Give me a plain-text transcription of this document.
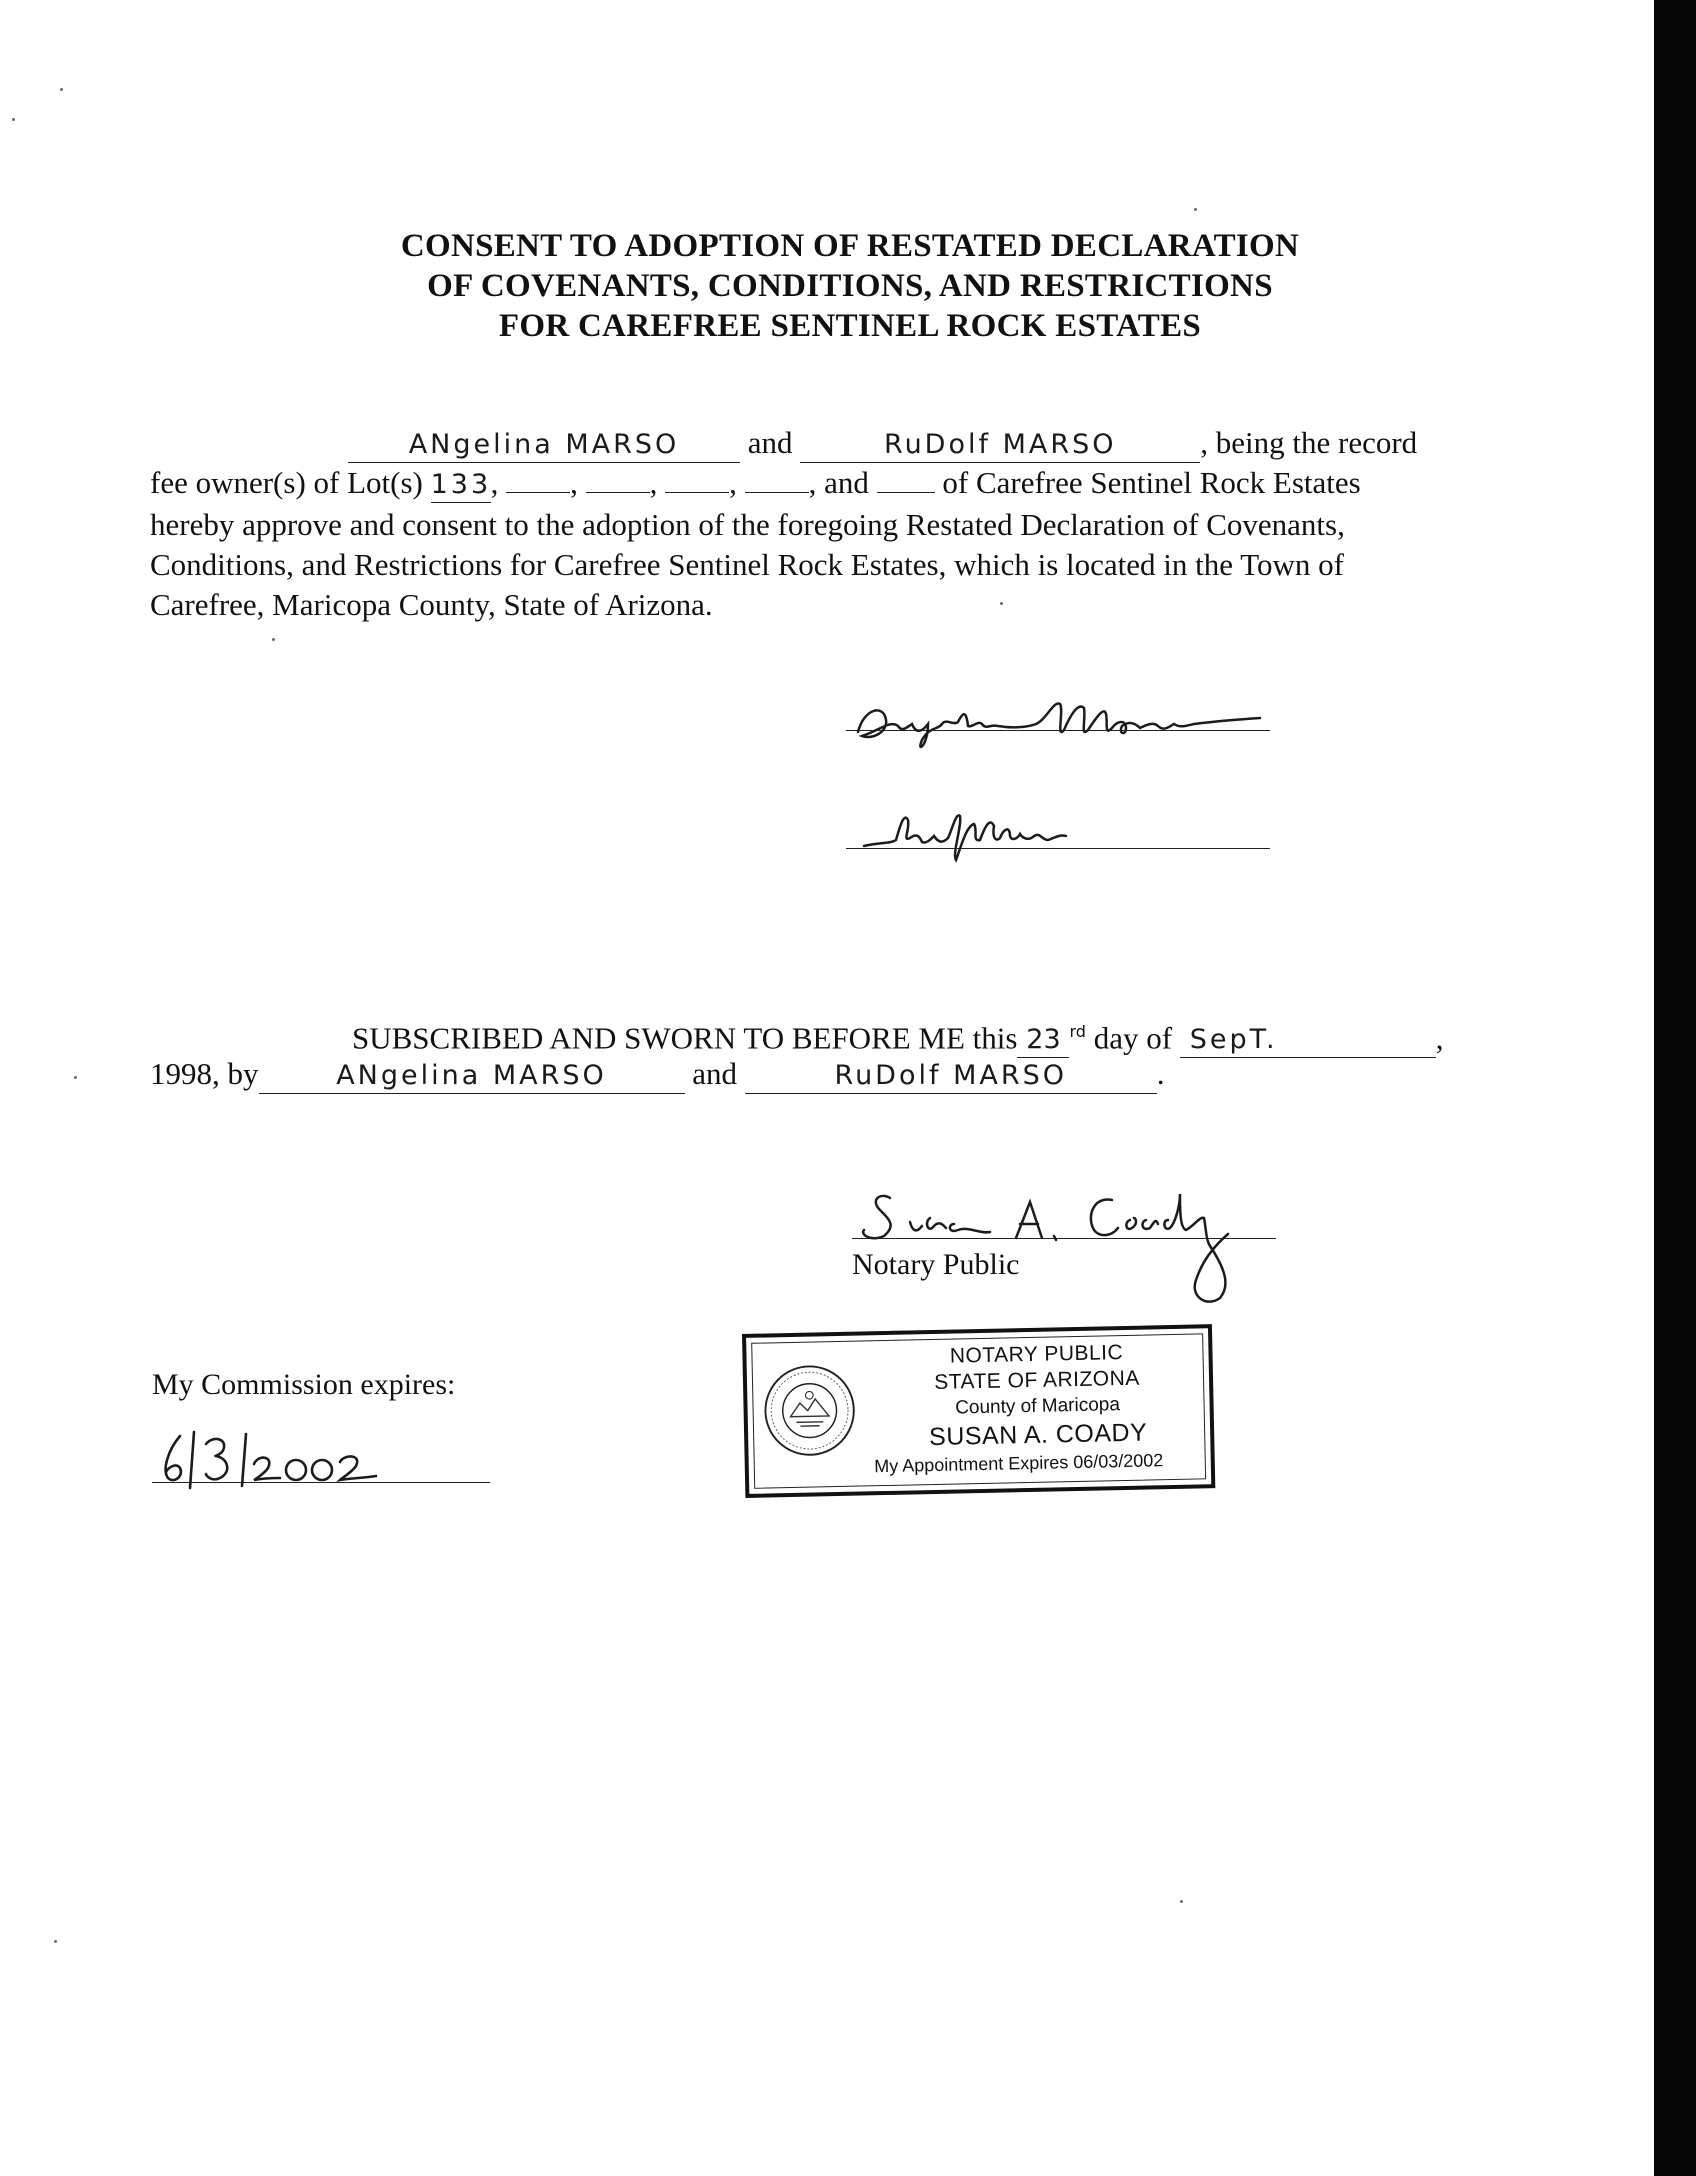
CONSENT TO ADOPTION OF RESTATED DECLARATION
OF COVENANTS, CONDITIONS, AND RESTRICTIONS
FOR CAREFREE SENTINEL ROCK ESTATES
ANgelina MARSO and	RuDolf MARSO	, being the record
fee owner(s) of Lot(s) 133, , , , , and of Carefree Sentinel Rock Estates
hereby approve and consent to the adoption of the foregoing Restated Declaration of Covenants,
Conditions, and Restrictions for Carefree Sentinel Rock Estates, which is located in the Town of
Carefree, Maricopa County, State of Arizona.
SUBSCRIBED AND SWORN TO BEFORE ME this 23 $^{rd}$ day of SepT.	,
1998, by	ANgelina MARSO	and	RuDolf MARSO	.
Notary Public
My Commission expires:
NOTARY PUBLIC
STATE OF ARIZONA
County of Maricopa
SUSAN A. COADY
My Appointment Expires 06/03/2002
